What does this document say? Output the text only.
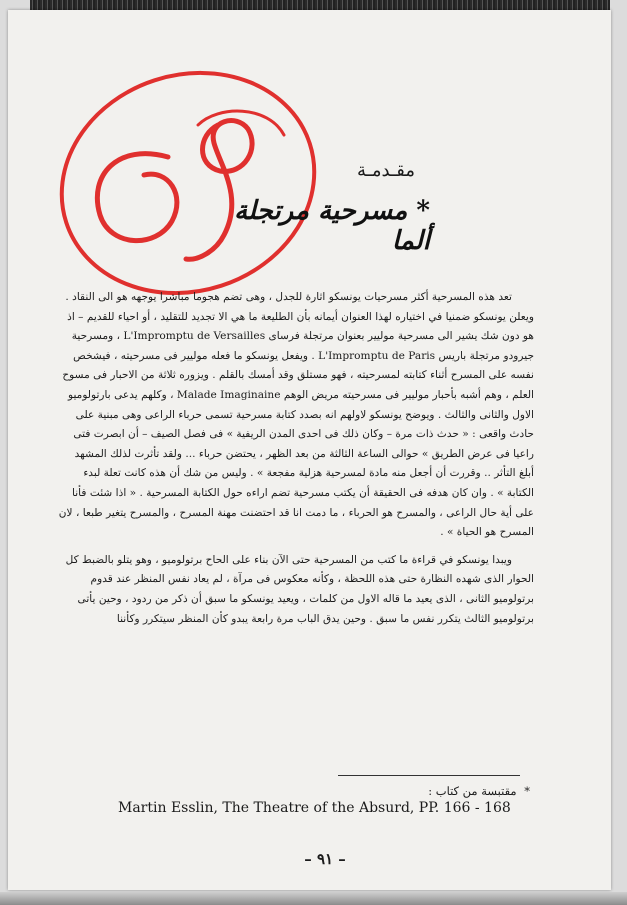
مقـدمـة
* مسرحية مرتجلة ألما

تعد هذه المسرحية أكثر مسرحيات يونسكو اثارة للجدل ، وهى تضم هجوما مباشرا يوجهه هو الى النقاد . ويعلن يونسكو ضمنيا في اختياره لهذا العنوان أيمانه بأن الطليعة ما هي الا تجديد للتقليد ، أو احياء للقديم – اذ هو دون شك يشير الى مسرحية موليير بعنوان مرتجلة فرساى L'Impromptu de Versailles ، ومسرحية جيرودو مرتجلة باريس L'Impromptu de Paris . ويفعل يونسكو ما فعله موليير فى مسرحيته ، فيشخص نفسه على المسرح أثناء كتابته لمسرحيته ، فهو مستلق وقد أمسك بالقلم . ويزوره ثلاثة من الاحبار فى مسوح العلم ، وهم أشبه بأحبار موليير فى مسرحيته مريض الوهم Malade Imaginaine ، وكلهم يدعى بارتولوميو الاول والثانى والثالث . ويوضح يونسكو لاولهم انه بصدد كتابة مسرحية تسمى حرباء الراعى وهى مبنية على حادث واقعى : « حدث ذات مرة – وكان ذلك فى احدى المدن الريفية » فى فصل الصيف – أن ابصرت فتى راعيا فى عرض الطريق » حوالى الساعة الثالثة من بعد الظهر ، يحتضن حرباء ... ولقد تأثرت لذلك المشهد أبلغ التأثر .. وقررت أن أجعل منه مادة لمسرحية هزلية مفجعة » . وليس من شك أن هذه كانت تعلة لبدء الكتابة » . وان كان هدفه فى الحقيقة أن يكتب مسرحية تضم اراءه حول الكتابة المسرحية . « اذا شئت فأنا على أية حال الراعى ، والمسرح هو الحرباء ، ما دمت انا قد احتضنت مهنة المسرح ، والمسرح يتغير طبعا ، لان المسرح هو الحياة » .

ويبدا يونسكو في قراءة ما كتب من المسرحية حتى الآن بناء على الحاح برتولوميو ، وهو يتلو بالضبط كل الحوار الذى شهده النظارة حتى هذه اللحظة ، وكأنه معكوس فى مرآة ، لم يعاد نفس المنظر عند قدوم برتولوميو الثانى ، الذى يعيد ما قاله الاول من كلمات ، ويعيد يونسكو ما سبق أن ذكر من ردود ، وحين يأتى برتولوميو الثالث يتكرر نفس ما سبق . وحين يدق الباب مرة رابعة يبدو كأن المنظر سيتكرر وكأننا

* مقتبسة من كتاب :
Martin Esslin, The Theatre of the Absurd, PP. 166 - 168
– ٩١ –
